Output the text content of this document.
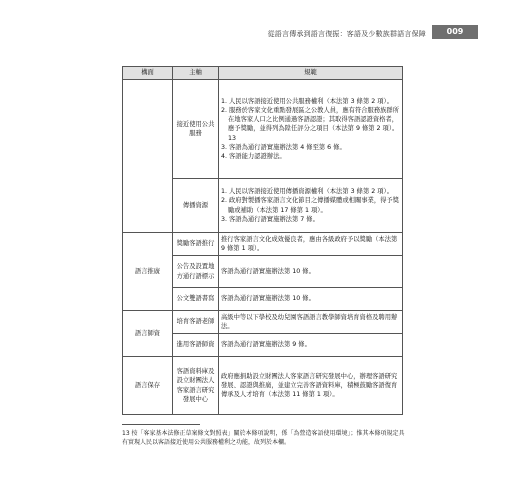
從語言傳承到語言復振：客語及少數族群語言保障	009
構面	主軸	規範
	接近使用公共服務	1. 人民以客語接近使用公共服務權利（本法第 3 條第 2 項）。
2. 服務於客家文化重點發展區之公教人員，應有符合服務族群所在地客家人口之比例通過客語認證；其取得客語認證資格者，應予獎勵，並得列為陞任評分之項目（本法第 9 條第 2 項）。13
3. 客語為通行語實施辦法第 4 條至第 6 條。
4. 客語能力認證辦法。

	傳播資源	1. 人民以客語接近使用傳播資源權利（本法第 3 條第 2 項）。
2. 政府對製播客家語言文化節目之傳播媒體或相關事業，得予獎勵或補助（本法第 17 條第 1 項）。
3. 客語為通行語實施辦法第 7 條。

語言推廣	獎勵客語推行	推行客家語言文化成效優良者，應由各級政府予以獎勵（本法第 9 條第 1 項）。

	公告及設置地方通行語標示	客語為通行語實施辦法第 10 條。

	公文雙語書寫	客語為通行語實施辦法第 10 條。

語言師資	培育客語老師	高級中等以下學校及幼兒園客語語言教學師資培育資格及聘用辦法。

	進用客語師資	客語為通行語實施辦法第 9 條。

語言保存	客語資料庫及設立財團法人客家語言研究發展中心	政府應捐助設立財團法人客家語言研究發展中心，辦理客語研究發展、認證與推廣，並建立完善客語資料庫，積極鼓勵客語復育傳承及人才培育（本法第 11 條第 1 項）。
13 按「客家基本法修正草案條文對照表」關於本條項說明，係「為營造客語使用環境」；惟其本條項規定具有實現人民以客語接近使用公共服務權利之功能，故列於本欄。
